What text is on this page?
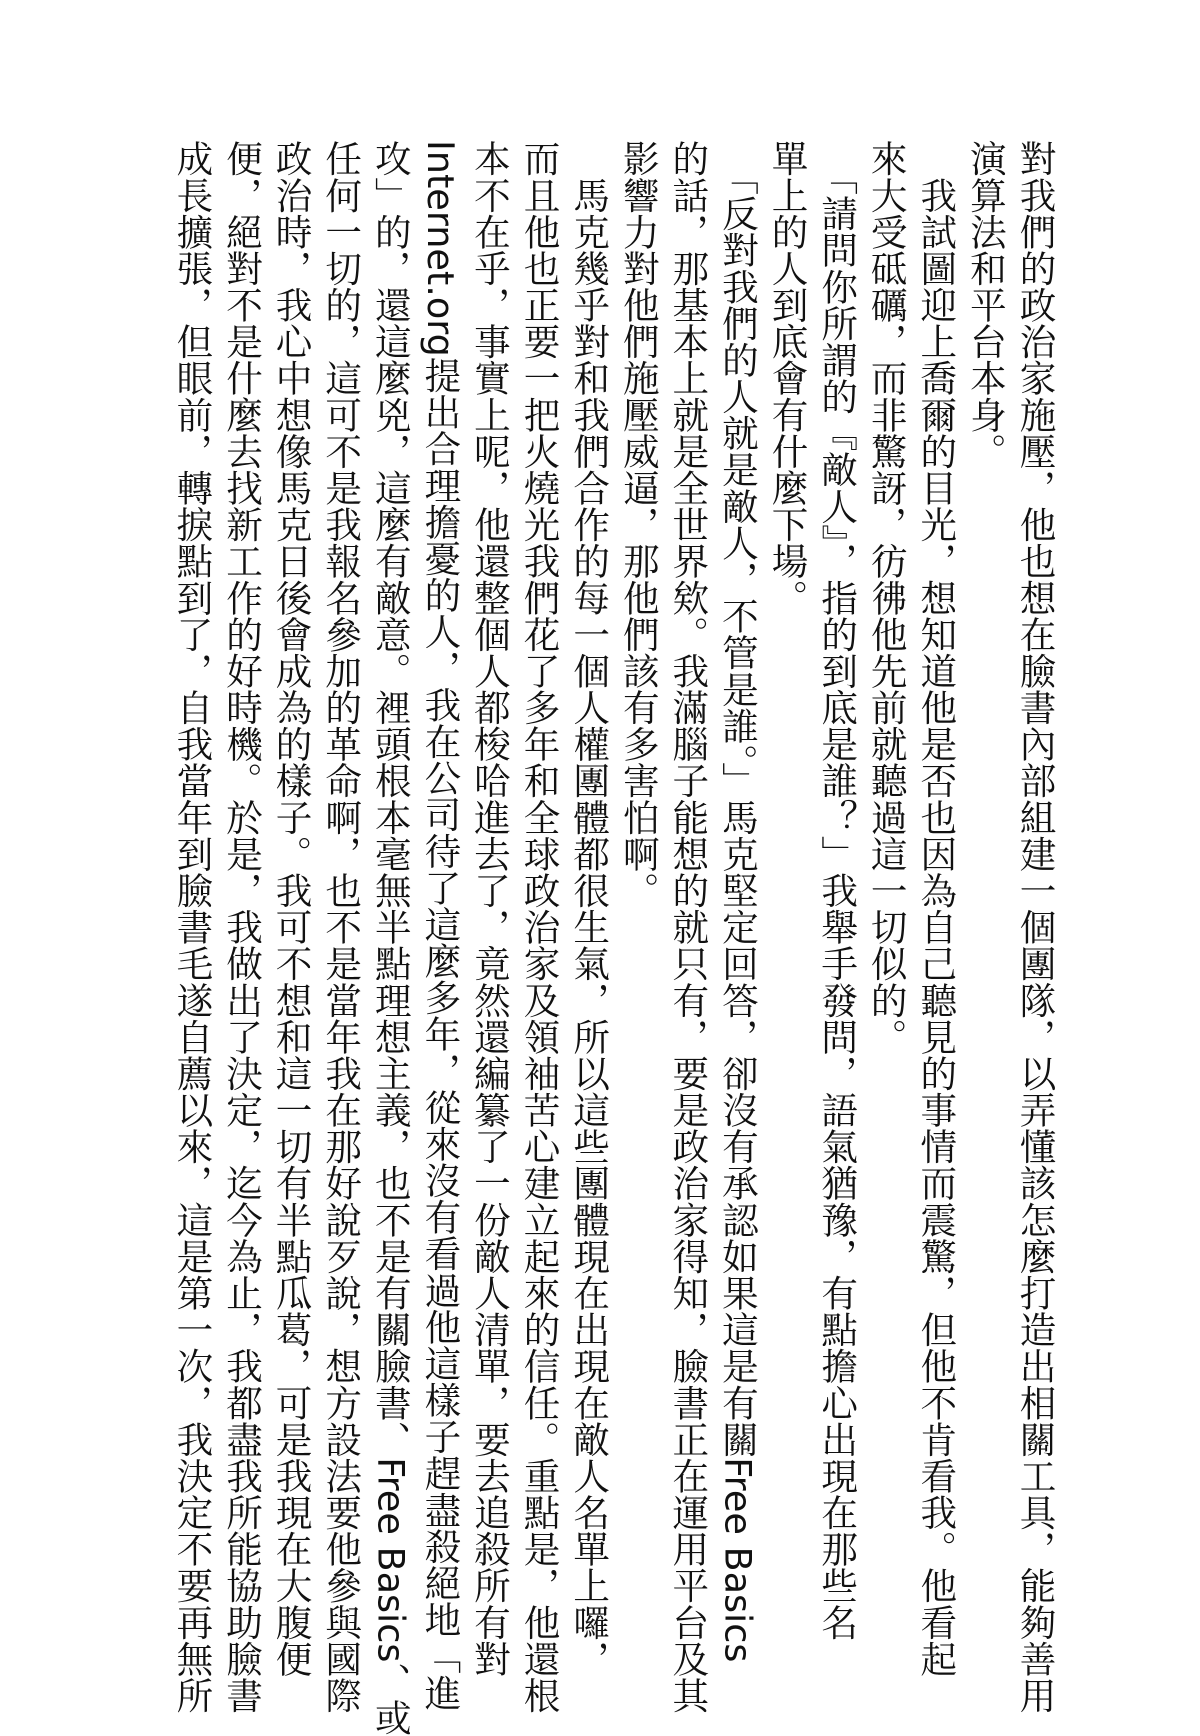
對我們的政治家施壓，他也想在臉書內部組建一個團隊，以弄懂該怎麼打造出相關工具，能夠善用
演算法和平台本身。
　我試圖迎上喬爾的目光，想知道他是否也因為自己聽見的事情而震驚，但他不肯看我。他看起
來大受砥礪，而非驚訝，彷彿他先前就聽過這一切似的。
　「請問你所謂的『敵人』，指的到底是誰？」我舉手發問，語氣猶豫，有點擔心出現在那些名
單上的人到底會有什麼下場。
　「反對我們的人就是敵人，不管是誰。」馬克堅定回答，卻沒有承認如果這是有關Free Basics
的話，那基本上就是全世界欸。我滿腦子能想的就只有，要是政治家得知，臉書正在運用平台及其
影響力對他們施壓威逼，那他們該有多害怕啊。
　馬克幾乎對和我們合作的每一個人權團體都很生氣，所以這些團體現在出現在敵人名單上囉，
而且他也正要一把火燒光我們花了多年和全球政治家及領袖苦心建立起來的信任。重點是，他還根
本不在乎，事實上呢，他還整個人都梭哈進去了，竟然還編纂了一份敵人清單，要去追殺所有對
Internet.org提出合理擔憂的人，我在公司待了這麼多年，從來沒有看過他這樣子趕盡殺絕地「進
攻」的，還這麼兇，這麼有敵意。裡頭根本毫無半點理想主義，也不是有關臉書、Free Basics、或
任何一切的，這可不是我報名參加的革命啊，也不是當年我在那好說歹說，想方設法要他參與國際
政治時，我心中想像馬克日後會成為的樣子。我可不想和這一切有半點瓜葛，可是我現在大腹便
便，絕對不是什麼去找新工作的好時機。於是，我做出了決定，迄今為止，我都盡我所能協助臉書
成長擴張，但眼前，轉捩點到了，自我當年到臉書毛遂自薦以來，這是第一次，我決定不要再無所
